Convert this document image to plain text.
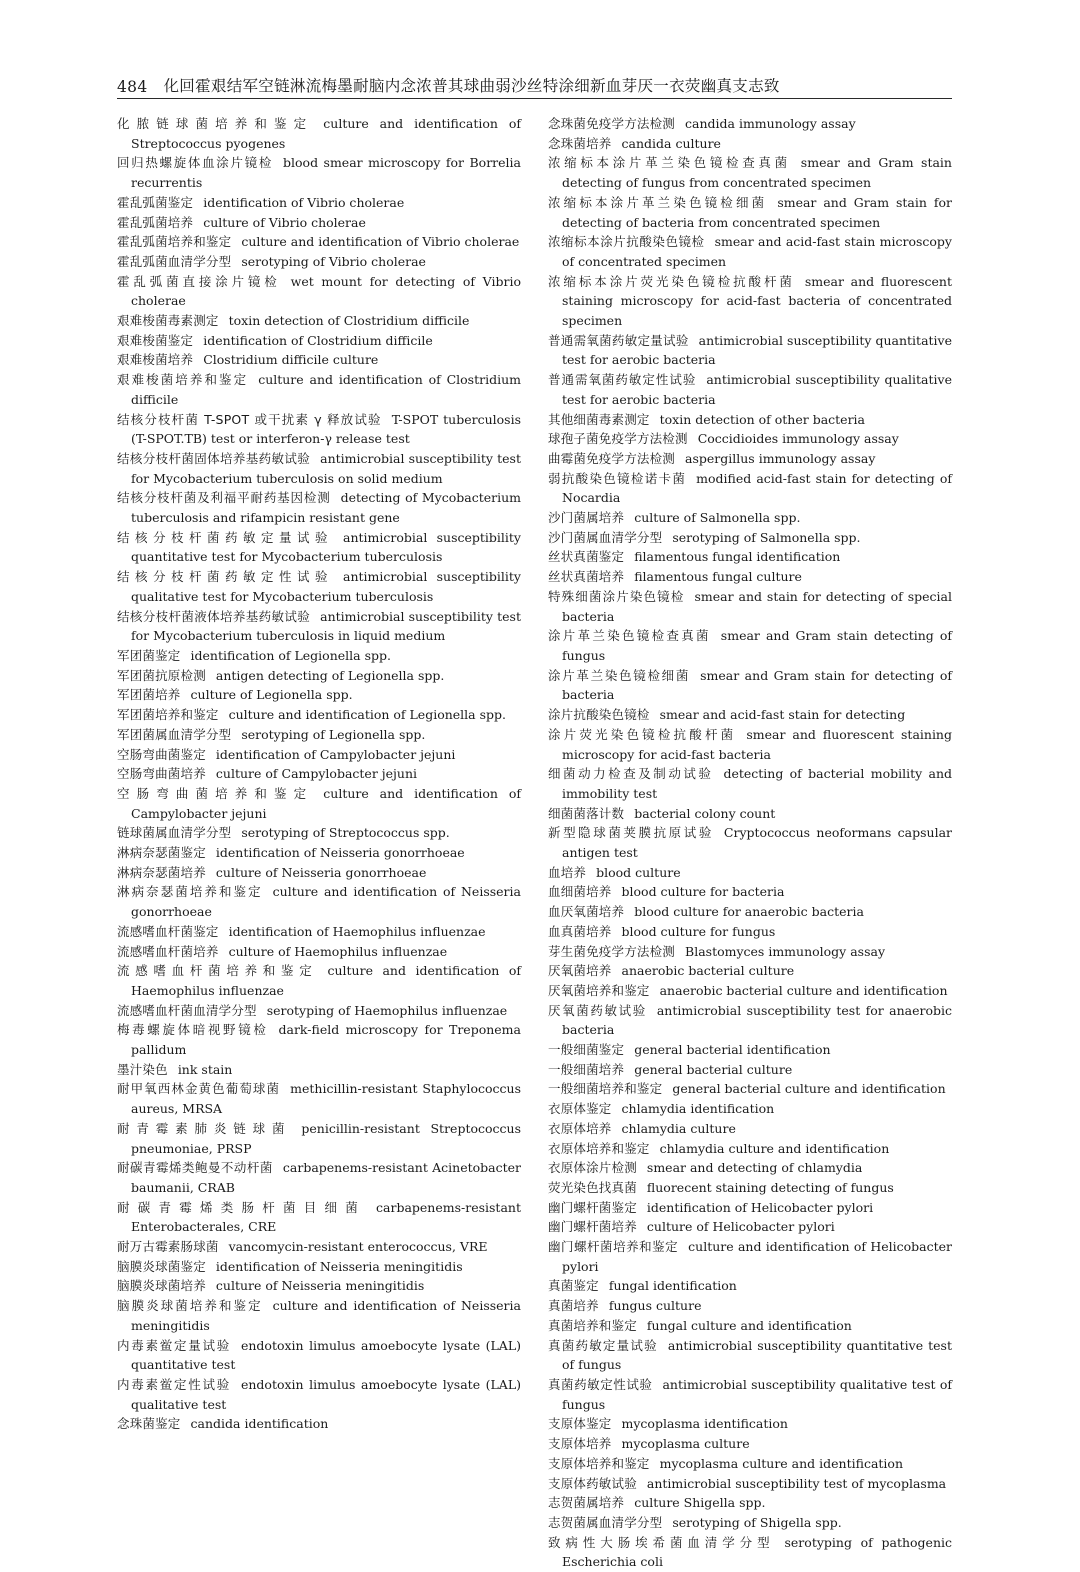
484 化回霍艰结军空链淋流梅墨耐脑内念浓普其球曲弱沙丝特涂细新血芽厌一衣荧幽真支志致
化脓链球菌培养和鉴定 culture and identification of Streptococcus pyogenes
回归热螺旋体血涂片镜检 blood smear microscopy for Borrelia recurrentis
霍乱弧菌鉴定 identification of Vibrio cholerae
霍乱弧菌培养 culture of Vibrio cholerae
霍乱弧菌培养和鉴定 culture and identification of Vibrio cholerae
霍乱弧菌血清学分型 serotyping of Vibrio cholerae
霍乱弧菌直接涂片镜检 wet mount for detecting of Vibrio cholerae
艰难梭菌毒素测定 toxin detection of Clostridium difficile
艰难梭菌鉴定 identification of Clostridium difficile
艰难梭菌培养 Clostridium difficile culture
艰难梭菌培养和鉴定 culture and identification of Clostridium difficile
结核分枝杆菌 T-SPOT 或干扰素 γ 释放试验 T-SPOT tuberculosis (T-SPOT.TB) test or interferon-γ release test
结核分枝杆菌固体培养基药敏试验 antimicrobial susceptibility test for Mycobacterium tuberculosis on solid medium
结核分枝杆菌及利福平耐药基因检测 detecting of Mycobacterium tuberculosis and rifampicin resistant gene
结核分枝杆菌药敏定量试验 antimicrobial susceptibility quantitative test for Mycobacterium tuberculosis
结核分枝杆菌药敏定性试验 antimicrobial susceptibility qualitative test for Mycobacterium tuberculosis
结核分枝杆菌液体培养基药敏试验 antimicrobial susceptibility test for Mycobacterium tuberculosis in liquid medium
军团菌鉴定 identification of Legionella spp.
军团菌抗原检测 antigen detecting of Legionella spp.
军团菌培养 culture of Legionella spp.
军团菌培养和鉴定 culture and identification of Legionella spp.
军团菌属血清学分型 serotyping of Legionella spp.
空肠弯曲菌鉴定 identification of Campylobacter jejuni
空肠弯曲菌培养 culture of Campylobacter jejuni
空肠弯曲菌培养和鉴定 culture and identification of Campylobacter jejuni
链球菌属血清学分型 serotyping of Streptococcus spp.
淋病奈瑟菌鉴定 identification of Neisseria gonorrhoeae
淋病奈瑟菌培养 culture of Neisseria gonorrhoeae
淋病奈瑟菌培养和鉴定 culture and identification of Neisseria gonorrhoeae
流感嗜血杆菌鉴定 identification of Haemophilus influenzae
流感嗜血杆菌培养 culture of Haemophilus influenzae
流感嗜血杆菌培养和鉴定 culture and identification of Haemophilus influenzae
流感嗜血杆菌血清学分型 serotyping of Haemophilus influenzae
梅毒螺旋体暗视野镜检 dark-field microscopy for Treponema pallidum
墨汁染色 ink stain
耐甲氧西林金黄色葡萄球菌 methicillin-resistant Staphylococcus aureus, MRSA
耐青霉素肺炎链球菌 penicillin-resistant Streptococcus pneumoniae, PRSP
耐碳青霉烯类鲍曼不动杆菌 carbapenems-resistant Acinetobacter baumanii, CRAB
耐碳青霉烯类肠杆菌目细菌 carbapenems-resistant Enterobacterales, CRE
耐万古霉素肠球菌 vancomycin-resistant enterococcus, VRE
脑膜炎球菌鉴定 identification of Neisseria meningitidis
脑膜炎球菌培养 culture of Neisseria meningitidis
脑膜炎球菌培养和鉴定 culture and identification of Neisseria meningitidis
内毒素鲎定量试验 endotoxin limulus amoebocyte lysate (LAL) quantitative test
内毒素鲎定性试验 endotoxin limulus amoebocyte lysate (LAL) qualitative test
念珠菌鉴定 candida identification
念珠菌免疫学方法检测 candida immunology assay
念珠菌培养 candida culture
浓缩标本涂片革兰染色镜检查真菌 smear and Gram stain detecting of fungus from concentrated specimen
浓缩标本涂片革兰染色镜检细菌 smear and Gram stain for detecting of bacteria from concentrated specimen
浓缩标本涂片抗酸染色镜检 smear and acid-fast stain microscopy of concentrated specimen
浓缩标本涂片荧光染色镜检抗酸杆菌 smear and fluorescent staining microscopy for acid-fast bacteria of concentrated specimen
普通需氧菌药敏定量试验 antimicrobial susceptibility quantitative test for aerobic bacteria
普通需氧菌药敏定性试验 antimicrobial susceptibility qualitative test for aerobic bacteria
其他细菌毒素测定 toxin detection of other bacteria
球孢子菌免疫学方法检测 Coccidioides immunology assay
曲霉菌免疫学方法检测 aspergillus immunology assay
弱抗酸染色镜检诺卡菌 modified acid-fast stain for detecting of Nocardia
沙门菌属培养 culture of Salmonella spp.
沙门菌属血清学分型 serotyping of Salmonella spp.
丝状真菌鉴定 filamentous fungal identification
丝状真菌培养 filamentous fungal culture
特殊细菌涂片染色镜检 smear and stain for detecting of special bacteria
涂片革兰染色镜检查真菌 smear and Gram stain detecting of fungus
涂片革兰染色镜检细菌 smear and Gram stain for detecting of bacteria
涂片抗酸染色镜检 smear and acid-fast stain for detecting
涂片荧光染色镜检抗酸杆菌 smear and fluorescent staining microscopy for acid-fast bacteria
细菌动力检查及制动试验 detecting of bacterial mobility and immobility test
细菌菌落计数 bacterial colony count
新型隐球菌荚膜抗原试验 Cryptococcus neoformans capsular antigen test
血培养 blood culture
血细菌培养 blood culture for bacteria
血厌氧菌培养 blood culture for anaerobic bacteria
血真菌培养 blood culture for fungus
芽生菌免疫学方法检测 Blastomyces immunology assay
厌氧菌培养 anaerobic bacterial culture
厌氧菌培养和鉴定 anaerobic bacterial culture and identification
厌氧菌药敏试验 antimicrobial susceptibility test for anaerobic bacteria
一般细菌鉴定 general bacterial identification
一般细菌培养 general bacterial culture
一般细菌培养和鉴定 general bacterial culture and identification
衣原体鉴定 chlamydia identification
衣原体培养 chlamydia culture
衣原体培养和鉴定 chlamydia culture and identification
衣原体涂片检测 smear and detecting of chlamydia
荧光染色找真菌 fluorecent staining detecting of fungus
幽门螺杆菌鉴定 identification of Helicobacter pylori
幽门螺杆菌培养 culture of Helicobacter pylori
幽门螺杆菌培养和鉴定 culture and identification of Helicobacter pylori
真菌鉴定 fungal identification
真菌培养 fungus culture
真菌培养和鉴定 fungal culture and identification
真菌药敏定量试验 antimicrobial susceptibility quantitative test of fungus
真菌药敏定性试验 antimicrobial susceptibility qualitative test of fungus
支原体鉴定 mycoplasma identification
支原体培养 mycoplasma culture
支原体培养和鉴定 mycoplasma culture and identification
支原体药敏试验 antimicrobial susceptibility test of mycoplasma
志贺菌属培养 culture Shigella spp.
志贺菌属血清学分型 serotyping of Shigella spp.
致病性大肠埃希菌血清学分型 serotyping of pathogenic Escherichia coli
